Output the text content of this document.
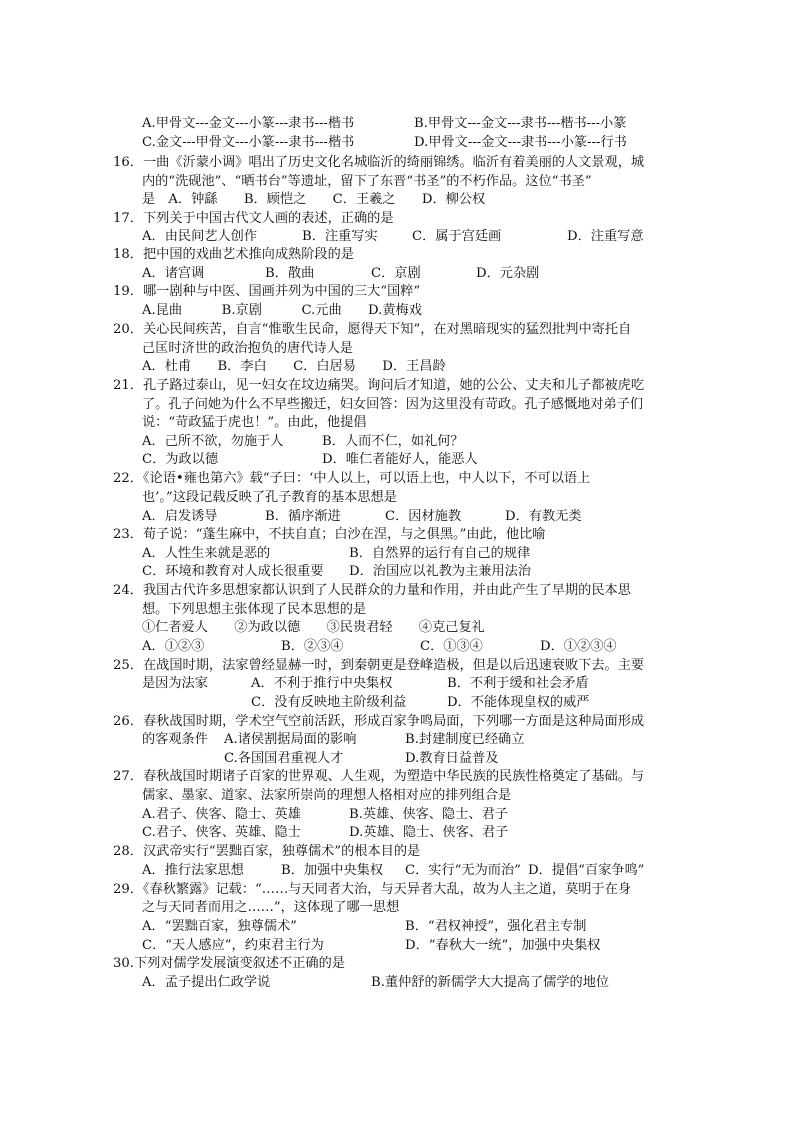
A.甲骨文---金文---小篆---隶书---楷书	B.甲骨文---金文---隶书---楷书---小篆
C.金文---甲骨文---小篆---隶书---楷书	D.甲骨文---金文---隶书---小篆---行书
16．一曲《沂蒙小调》唱出了历史文化名城临沂的绮丽锦绣。临沂有着美丽的人文景观，城
内的“洗砚池”、“晒书台”等遗址，留下了东晋“书圣”的不朽作品。这位“书圣”
是　A．钟繇　　B．顾恺之　　C．王羲之　　D．柳公权
17．下列关于中国古代文人画的表述，正确的是
A．由民间艺人创作	B．注重写实	C．属于宫廷画	D．注重写意
18．把中国的戏曲艺术推向成熟阶段的是
A．诸宫调	B．散曲	C．京剧	D．元杂剧
19．哪一剧种与中医、国画并列为中国的三大“国粹”
A.昆曲　　　B.京剧　　　C.元曲　　D.黄梅戏
20．关心民间疾苦，自言“惟歌生民命，愿得天下知”，在对黑暗现实的猛烈批判中寄托自
己匡时济世的政治抱负的唐代诗人是
A．杜甫　　B．李白　　C．白居易　　D．王昌龄
21．孔子路过泰山，见一妇女在坟边痛哭。询问后才知道，她的公公、丈夫和儿子都被虎吃
了。孔子问她为什么不早些搬迁，妇女回答：因为这里没有苛政。孔子感慨地对弟子们
说：“苛政猛于虎也！”。由此，他提倡
A．己所不欲，勿施于人	B．人而不仁，如礼何？
C．为政以德	D．唯仁者能好人，能恶人
22．《论语•雍也第六》载“子曰：‘中人以上，可以语上也，中人以下，不可以语上
也’。”这段记载反映了孔子教育的基本思想是
A．启发诱导	B．循序渐进	C．因材施教	D．有教无类
23．荀子说：“蓬生麻中，不扶自直；白沙在涅，与之俱黑。”由此，他比喻
A．人性生来就是恶的	B．自然界的运行有自己的规律
C．环境和教育对人成长很重要 D．治国应以礼教为主兼用法治
24．我国古代许多思想家都认识到了人民群众的力量和作用，并由此产生了早期的民本思
想。下列思想主张体现了民本思想的是
①仁者爱人　　②为政以德　　③民贵君轻　　④克己复礼
A．①②③	B．②③④	C．①③④	D．①②③④
25．在战国时期，法家曾经显赫一时，到秦朝更是登峰造极，但是以后迅速衰败下去。主要
是因为法家	A．不利于推行中央集权	B．不利于缓和社会矛盾
C．没有反映地主阶级利益	D．不能体现皇权的威严
26．春秋战国时期，学术空气空前活跃，形成百家争鸣局面，下列哪一方面是这种局面形成
的客观条件 A.诸侯割据局面的影响	B.封建制度已经确立
C.各国国君重视人才	D.教育日益普及
27．春秋战国时期诸子百家的世界观、人生观，为塑造中华民族的民族性格奠定了基础。与
儒家、墨家、道家、法家所崇尚的理想人格相对应的排列组合是
A.君子、侠客、隐士、英雄	B.英雄、侠客、隐士、君子
C.君子、侠客、英雄、隐士	D.英雄、隐士、侠客、君子
28．汉武帝实行“罢黜百家，独尊儒术”的根本目的是
A．推行法家思想	B．加强中央集权 C．实行“无为而治” D．提倡“百家争鸣”
29．《春秋繁露》记载：“……与天同者大治，与天异者大乱，故为人主之道，莫明于在身
之与天同者而用之……”，这体现了哪一思想
A．“罢黜百家，独尊儒术”	B．“君权神授”，强化君主专制
C．“天人感应”，约束君主行为	D．“春秋大一统”，加强中央集权
30.下列对儒学发展演变叙述不正确的是
A．孟子提出仁政学说	B.董仲舒的新儒学大大提高了儒学的地位
